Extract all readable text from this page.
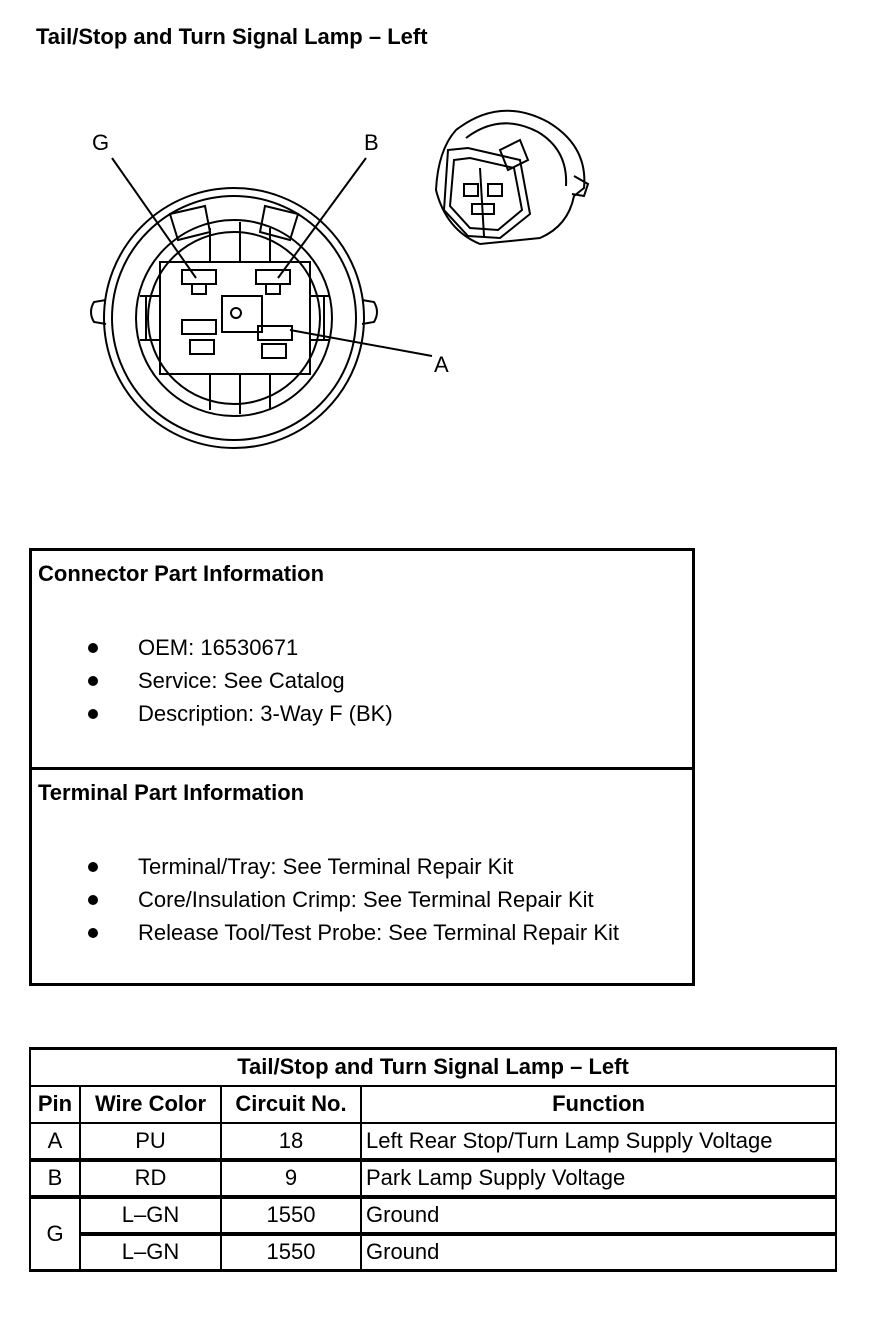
Tail/Stop and Turn Signal Lamp – Left
G	B
A
Connector Part Information
OEM: 16530671
Service: See Catalog
Description: 3-Way F (BK)
Terminal Part Information
Terminal/Tray: See Terminal Repair Kit
Core/Insulation Crimp: See Terminal Repair Kit
Release Tool/Test Probe: See Terminal Repair Kit
Tail/Stop and Turn Signal Lamp – Left			
Pin	Wire Color	Circuit No.	Function
A	PU	18	Left Rear Stop/Turn Lamp Supply Voltage
B	RD	9	Park Lamp Supply Voltage
G	L–GN	1550	Ground
	L–GN	1550	Ground
